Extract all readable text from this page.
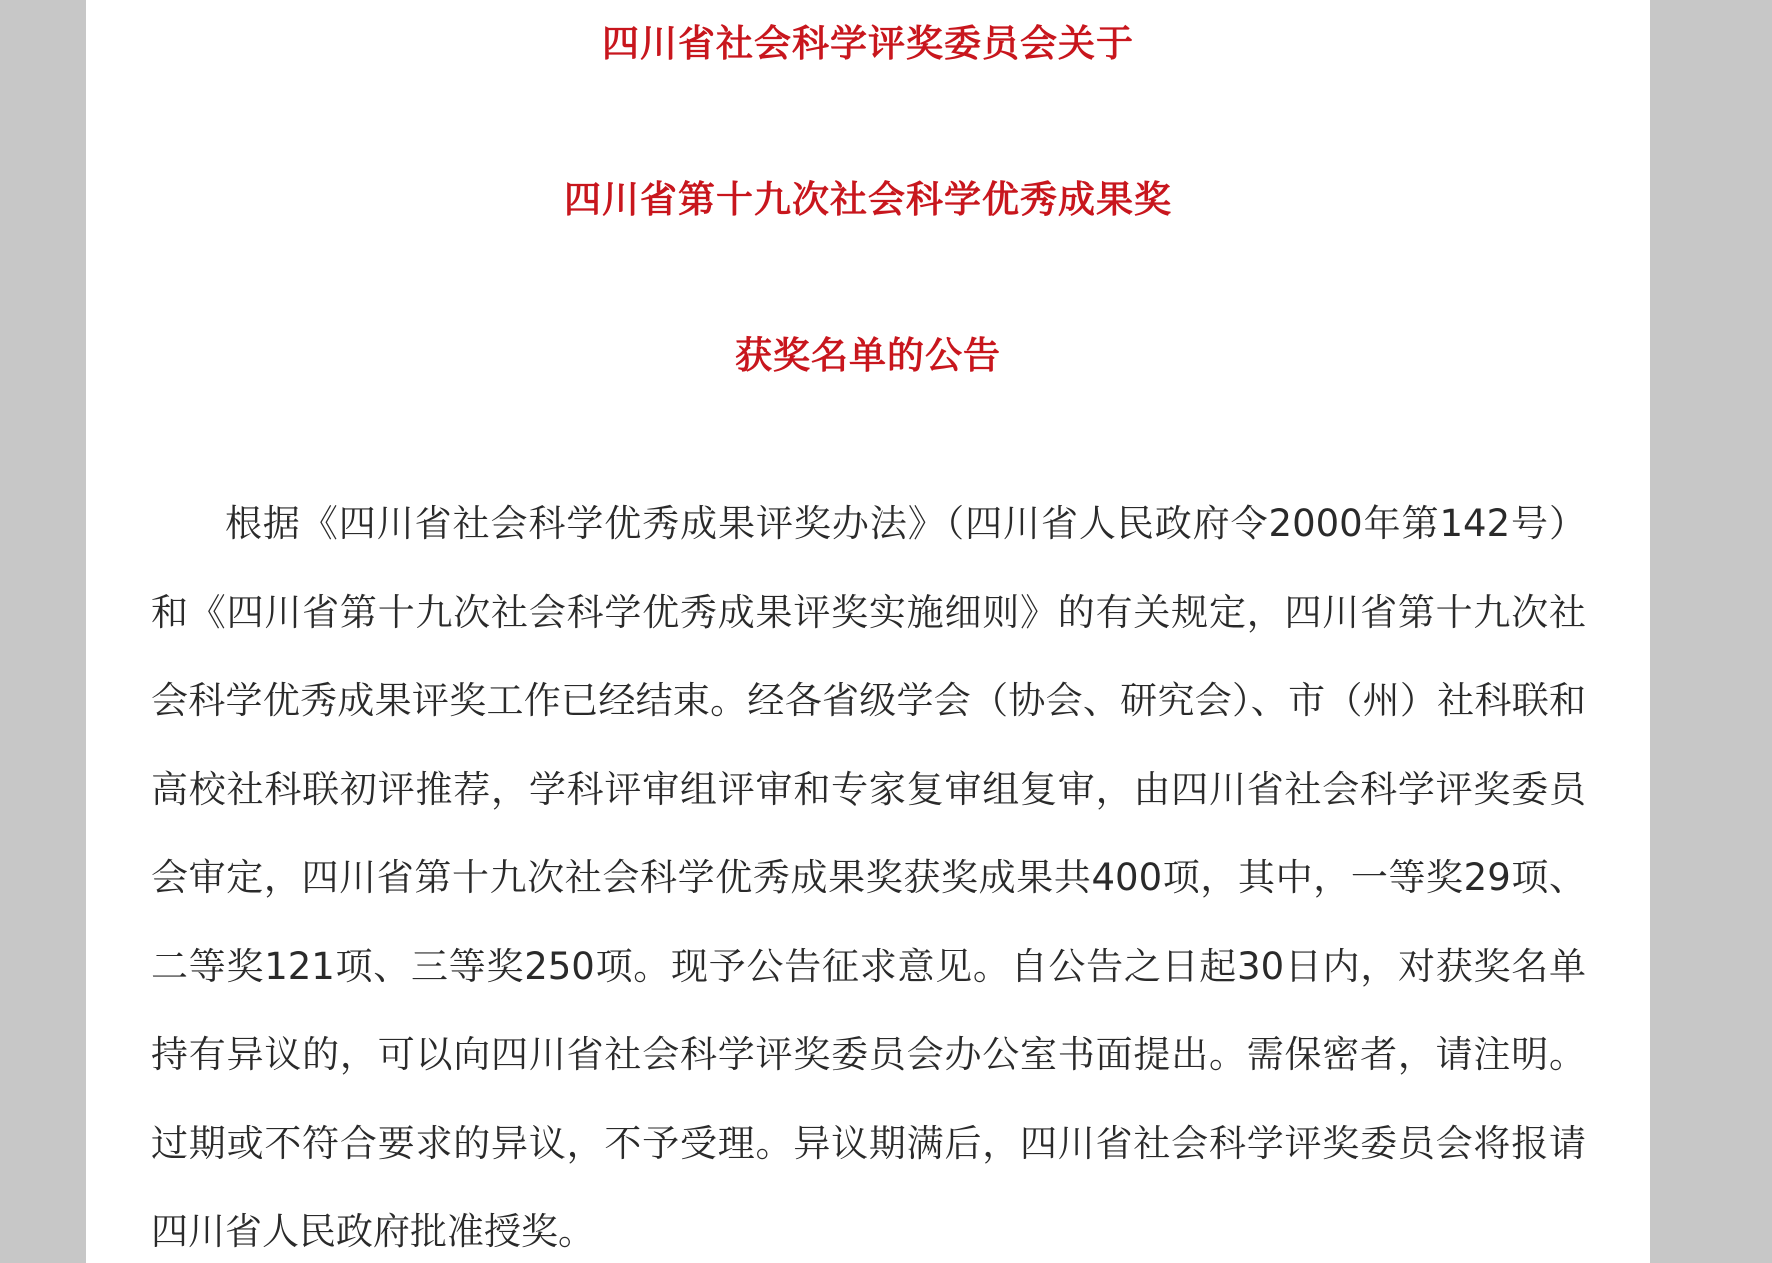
四川省社会科学评奖委员会关于
四川省第十九次社会科学优秀成果奖
获奖名单的公告

根据《四川省社会科学优秀成果评奖办法》（四川省人民政府令2000年第142号）和《四川省第十九次社会科学优秀成果评奖实施细则》的有关规定，四川省第十九次社会科学优秀成果评奖工作已经结束。经各省级学会（协会、研究会）、市（州）社科联和高校社科联初评推荐，学科评审组评审和专家复审组复审，由四川省社会科学评奖委员会审定，四川省第十九次社会科学优秀成果奖获奖成果共400项，其中，一等奖29项、二等奖121项、三等奖250项。现予公告征求意见。自公告之日起30日内，对获奖名单持有异议的，可以向四川省社会科学评奖委员会办公室书面提出。需保密者，请注明。过期或不符合要求的异议，不予受理。异议期满后，四川省社会科学评奖委员会将报请四川省人民政府批准授奖。
